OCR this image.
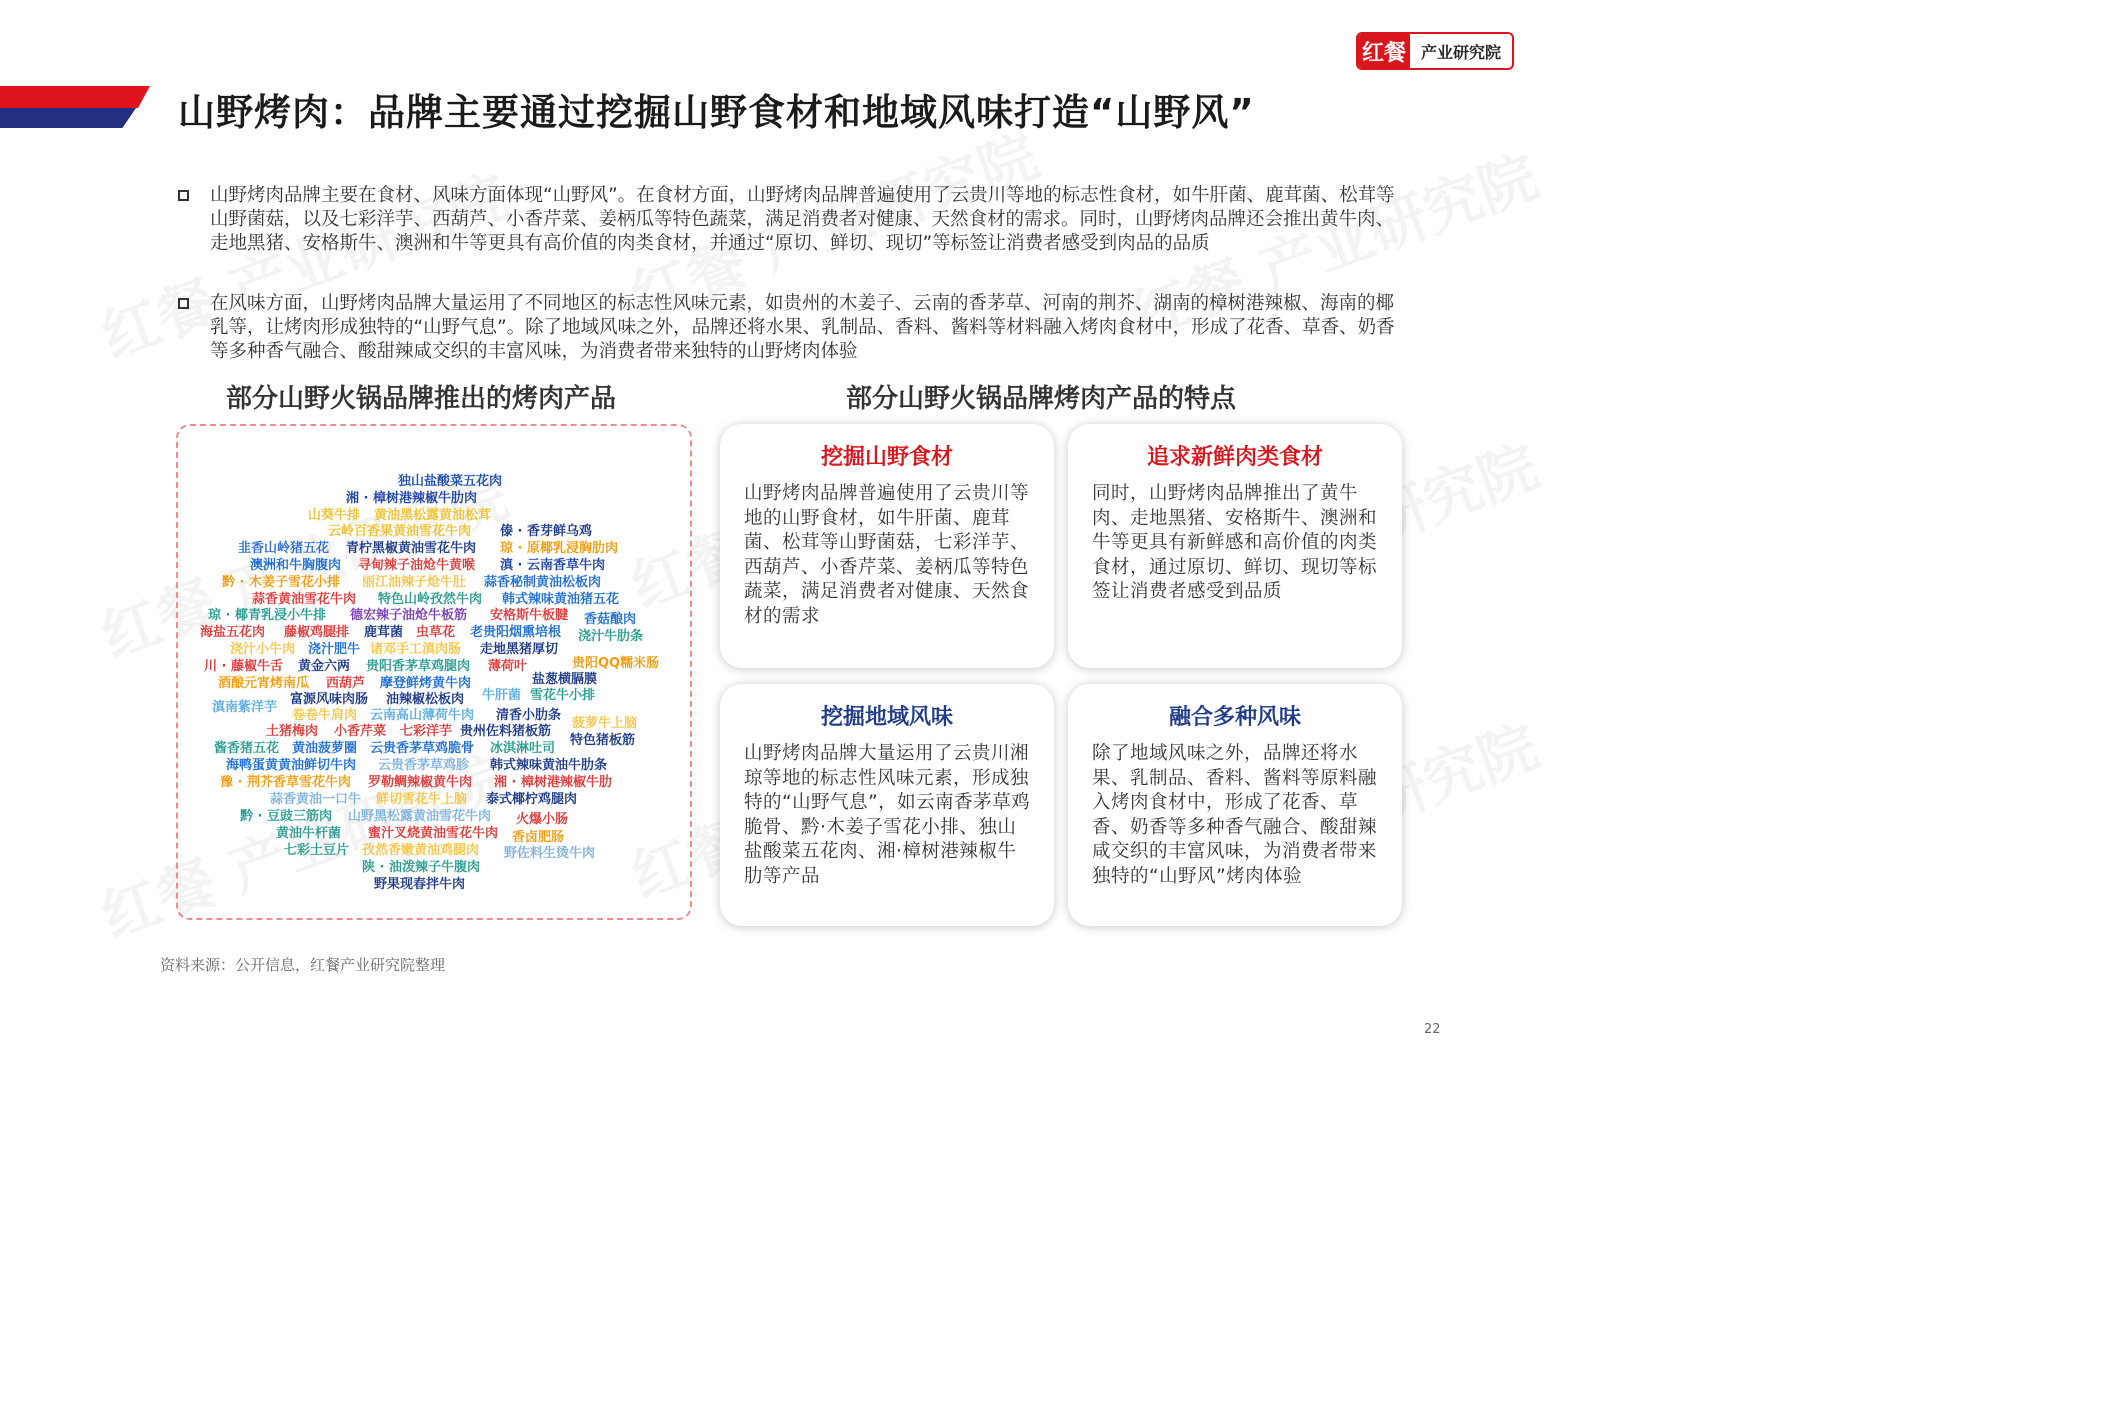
红餐 产业研究院
山野烤肉：品牌主要通过挖掘山野食材和地域风味打造“山野风”
山野烤肉品牌主要在食材、风味方面体现“山野风”。在食材方面，山野烤肉品牌普遍使用了云贵川等地的标志性食材，如牛肝菌、鹿茸菌、松茸等山野菌菇，以及七彩洋芋、西葫芦、小香芹菜、姜柄瓜等特色蔬菜，满足消费者对健康、天然食材的需求。同时，山野烤肉品牌还会推出黄牛肉、走地黑猪、安格斯牛、澳洲和牛等更具有高价值的肉类食材，并通过“原切、鲜切、现切”等标签让消费者感受到肉品的品质
在风味方面，山野烤肉品牌大量运用了不同地区的标志性风味元素，如贵州的木姜子、云南的香茅草、河南的荆芥、湖南的樟树港辣椒、海南的椰乳等，让烤肉形成独特的“山野气息”。除了地域风味之外，品牌还将水果、乳制品、香料、酱料等材料融入烤肉食材中，形成了花香、草香、奶香等多种香气融合、酸甜辣咸交织的丰富风味，为消费者带来独特的山野烤肉体验
部分山野火锅品牌推出的烤肉产品	部分山野火锅品牌烤肉产品的特点
独山盐酸菜五花肉
湘 · 樟树港辣椒牛肋肉
山葵牛排 黄油黑松露黄油松茸
云岭百香果黄油雪花牛肉 傣 · 香芽鲜乌鸡
韭香山岭猪五花 青柠黑椒黄油雪花牛肉 琼 · 原椰乳浸胸肋肉
澳洲和牛胸腹肉 寻甸辣子油炝牛黄喉 滇 · 云南香草牛肉
黔 · 木姜子雪花小排 丽江油辣子炝牛肚 蒜香秘制黄油松板肉
蒜香黄油雪花牛肉 特色山岭孜然牛肉 韩式辣味黄油猪五花
琼 · 椰青乳浸小牛排 德宏辣子油炝牛板筋 安格斯牛板腱 香菇酿肉
海盐五花肉 藤椒鸡腿排 鹿茸菌 虫草花 老贵阳烟熏培根 浇汁牛肋条
浇汁小牛肉 浇汁肥牛 诸邓手工滇肉肠 走地黑猪厚切
川 · 藤椒牛舌 黄金六两 贵阳香茅草鸡腿肉 薄荷叶	贵阳QQ糯米肠
酒酿元宵烤南瓜 西葫芦 摩登鲜烤黄牛肉	盐葱横膈膜
富源风味肉肠 油辣椒松板肉 牛肝菌 雪花牛小排
滇南紫洋芋
卷卷牛肩肉 云南高山薄荷牛肉 清香小肋条
菠萝牛上脑
土猪梅肉 小香芹菜 七彩洋芋 贵州佐料猪板筋
特色猪板筋
酱香猪五花 黄油菠萝圈 云贵香茅草鸡脆骨 冰淇淋吐司
海鸭蛋黄黄油鲜切牛肉 云贵香茅草鸡胗 韩式辣味黄油牛肋条
豫 · 荆芥香草雪花牛肉 罗勒鲷辣椒黄牛肉 湘 · 樟树港辣椒牛肋
蒜香黄油一口牛 鲜切雪花牛上脑 泰式椰柠鸡腿肉
黔 · 豆豉三筋肉 山野黑松露黄油雪花牛肉 火爆小肠
黄油牛杆菌 蜜汁叉烧黄油雪花牛肉 香卤肥肠
七彩土豆片 孜然香嫩黄油鸡腿肉 野佐料生烫牛肉
陕 · 油泼辣子牛腹肉
野果现春拌牛肉
挖掘山野食材
山野烤肉品牌普遍使用了云贵川等地的山野食材，如牛肝菌、鹿茸菌、松茸等山野菌菇，七彩洋芋、西葫芦、小香芹菜、姜柄瓜等特色蔬菜，满足消费者对健康、天然食材的需求
追求新鲜肉类食材
同时，山野烤肉品牌推出了黄牛肉、走地黑猪、安格斯牛、澳洲和牛等更具有新鲜感和高价值的肉类食材，通过原切、鲜切、现切等标签让消费者感受到品质
挖掘地域风味
山野烤肉品牌大量运用了云贵川湘琼等地的标志性风味元素，形成独特的“山野气息”，如云南香茅草鸡脆骨、黔·木姜子雪花小排、独山盐酸菜五花肉、湘·樟树港辣椒牛肋等产品
融合多种风味
除了地域风味之外，品牌还将水果、乳制品、香料、酱料等原料融入烤肉食材中，形成了花香、草香、奶香等多种香气融合、酸甜辣咸交织的丰富风味，为消费者带来独特的“山野风”烤肉体验
资料来源：公开信息，红餐产业研究院整理
22
